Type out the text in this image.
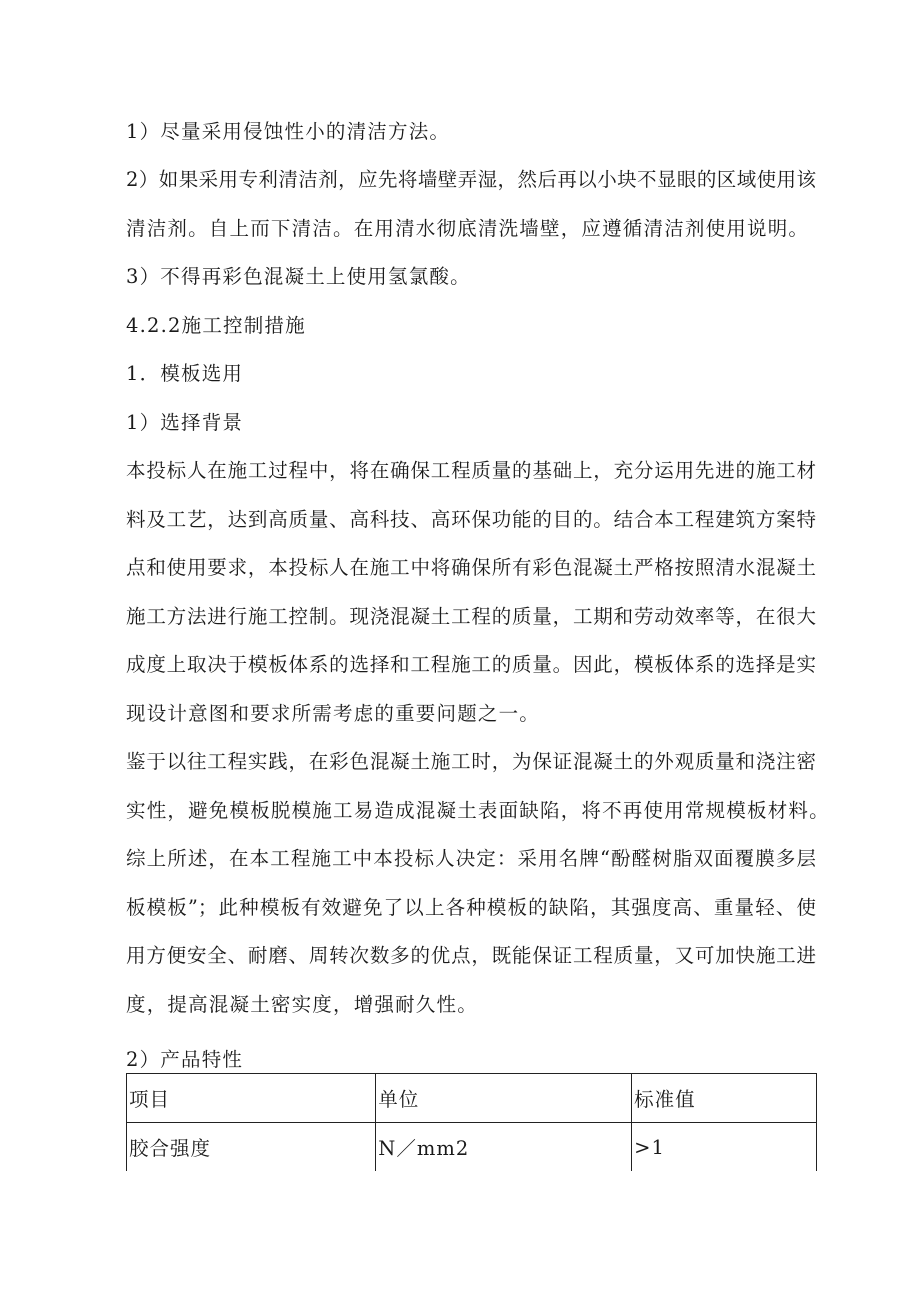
1）尽量采用侵蚀性小的清洁方法。
2）如果采用专利清洁剂，应先将墙壁弄湿，然后再以小块不显眼的区域使用该
清洁剂。自上而下清洁。在用清水彻底清洗墙壁，应遵循清洁剂使用说明。
3）不得再彩色混凝土上使用氢氯酸。
4.2.2施工控制措施
1．模板选用
1）选择背景
本投标人在施工过程中，将在确保工程质量的基础上，充分运用先进的施工材
料及工艺，达到高质量、高科技、高环保功能的目的。结合本工程建筑方案特
点和使用要求，本投标人在施工中将确保所有彩色混凝土严格按照清水混凝土
施工方法进行施工控制。现浇混凝土工程的质量，工期和劳动效率等，在很大
成度上取决于模板体系的选择和工程施工的质量。因此，模板体系的选择是实
现设计意图和要求所需考虑的重要问题之一。
鉴于以往工程实践，在彩色混凝土施工时，为保证混凝土的外观质量和浇注密
实性，避免模板脱模施工易造成混凝土表面缺陷，将不再使用常规模板材料。
综上所述，在本工程施工中本投标人决定：采用名牌“酚醛树脂双面覆膜多层
板模板”；此种模板有效避免了以上各种模板的缺陷，其强度高、重量轻、使
用方便安全、耐磨、周转次数多的优点，既能保证工程质量，又可加快施工进
度，提高混凝土密实度，增强耐久性。
2）产品特性
项目	单位	标准值
胶合强度	N／mm2	>1
